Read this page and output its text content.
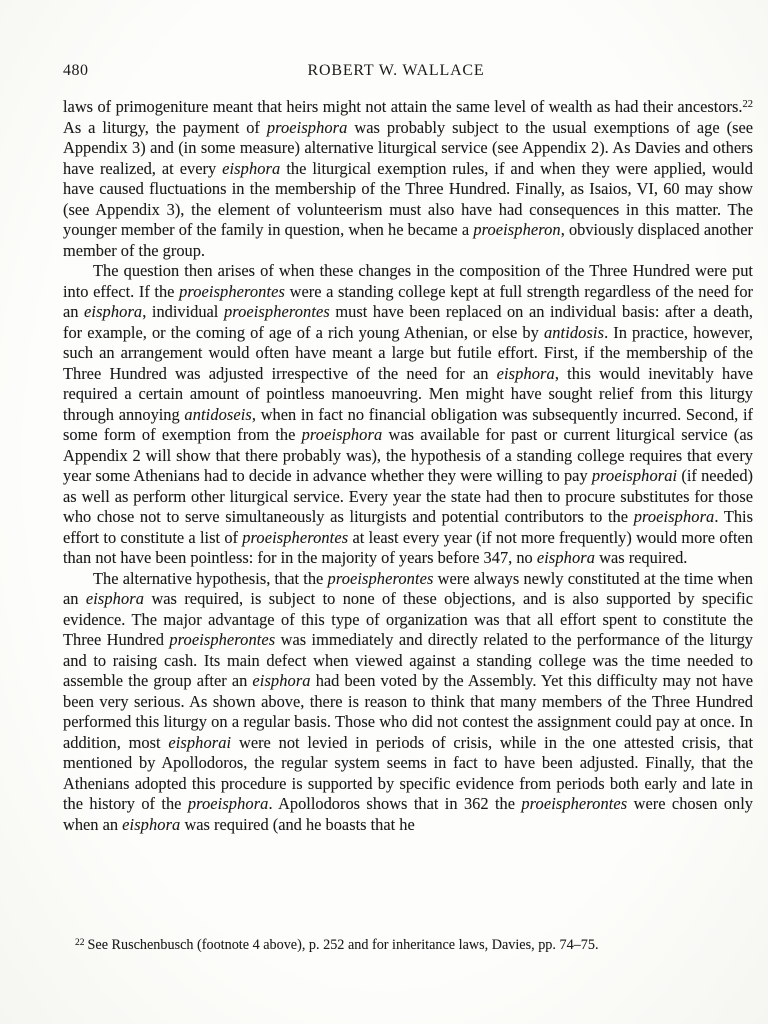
480	ROBERT W. WALLACE

laws of primogeniture meant that heirs might not attain the same level of wealth as had their ancestors.$^{22}$ As a liturgy, the payment of proeisphora was probably subject to the usual exemptions of age (see Appendix 3) and (in some measure) alternative liturgical service (see Appendix 2). As Davies and others have realized, at every eisphora the liturgical exemption rules, if and when they were applied, would have caused fluctuations in the membership of the Three Hundred. Finally, as Isaios, VI, 60 may show (see Appendix 3), the element of volunteerism must also have had consequences in this matter. The younger member of the family in question, when he became a proeispheron, obviously displaced another member of the group.

The question then arises of when these changes in the composition of the Three Hundred were put into effect. If the proeispherontes were a standing college kept at full strength regardless of the need for an eisphora, individual proeispherontes must have been replaced on an individual basis: after a death, for example, or the coming of age of a rich young Athenian, or else by antidosis. In practice, however, such an arrangement would often have meant a large but futile effort. First, if the membership of the Three Hundred was adjusted irrespective of the need for an eisphora, this would inevitably have required a certain amount of pointless manoeuvring. Men might have sought relief from this liturgy through annoying antidoseis, when in fact no financial obligation was subsequently incurred. Second, if some form of exemption from the proeisphora was available for past or current liturgical service (as Appendix 2 will show that there probably was), the hypothesis of a standing college requires that every year some Athenians had to decide in advance whether they were willing to pay proeisphorai (if needed) as well as perform other liturgical service. Every year the state had then to procure substitutes for those who chose not to serve simultaneously as liturgists and potential contributors to the proeisphora. This effort to constitute a list of proeispherontes at least every year (if not more frequently) would more often than not have been pointless: for in the majority of years before 347, no eisphora was required.

The alternative hypothesis, that the proeispherontes were always newly constituted at the time when an eisphora was required, is subject to none of these objections, and is also supported by specific evidence. The major advantage of this type of organization was that all effort spent to constitute the Three Hundred proeispherontes was immediately and directly related to the performance of the liturgy and to raising cash. Its main defect when viewed against a standing college was the time needed to assemble the group after an eisphora had been voted by the Assembly. Yet this difficulty may not have been very serious. As shown above, there is reason to think that many members of the Three Hundred performed this liturgy on a regular basis. Those who did not contest the assignment could pay at once. In addition, most eisphorai were not levied in periods of crisis, while in the one attested crisis, that mentioned by Apollodoros, the regular system seems in fact to have been adjusted. Finally, that the Athenians adopted this procedure is supported by specific evidence from periods both early and late in the history of the proeisphora. Apollodoros shows that in 362 the proeispherontes were chosen only when an eisphora was required (and he boasts that he

$^{22}$ See Ruschenbusch (footnote 4 above), p. 252 and for inheritance laws, Davies, pp. 74–75.
